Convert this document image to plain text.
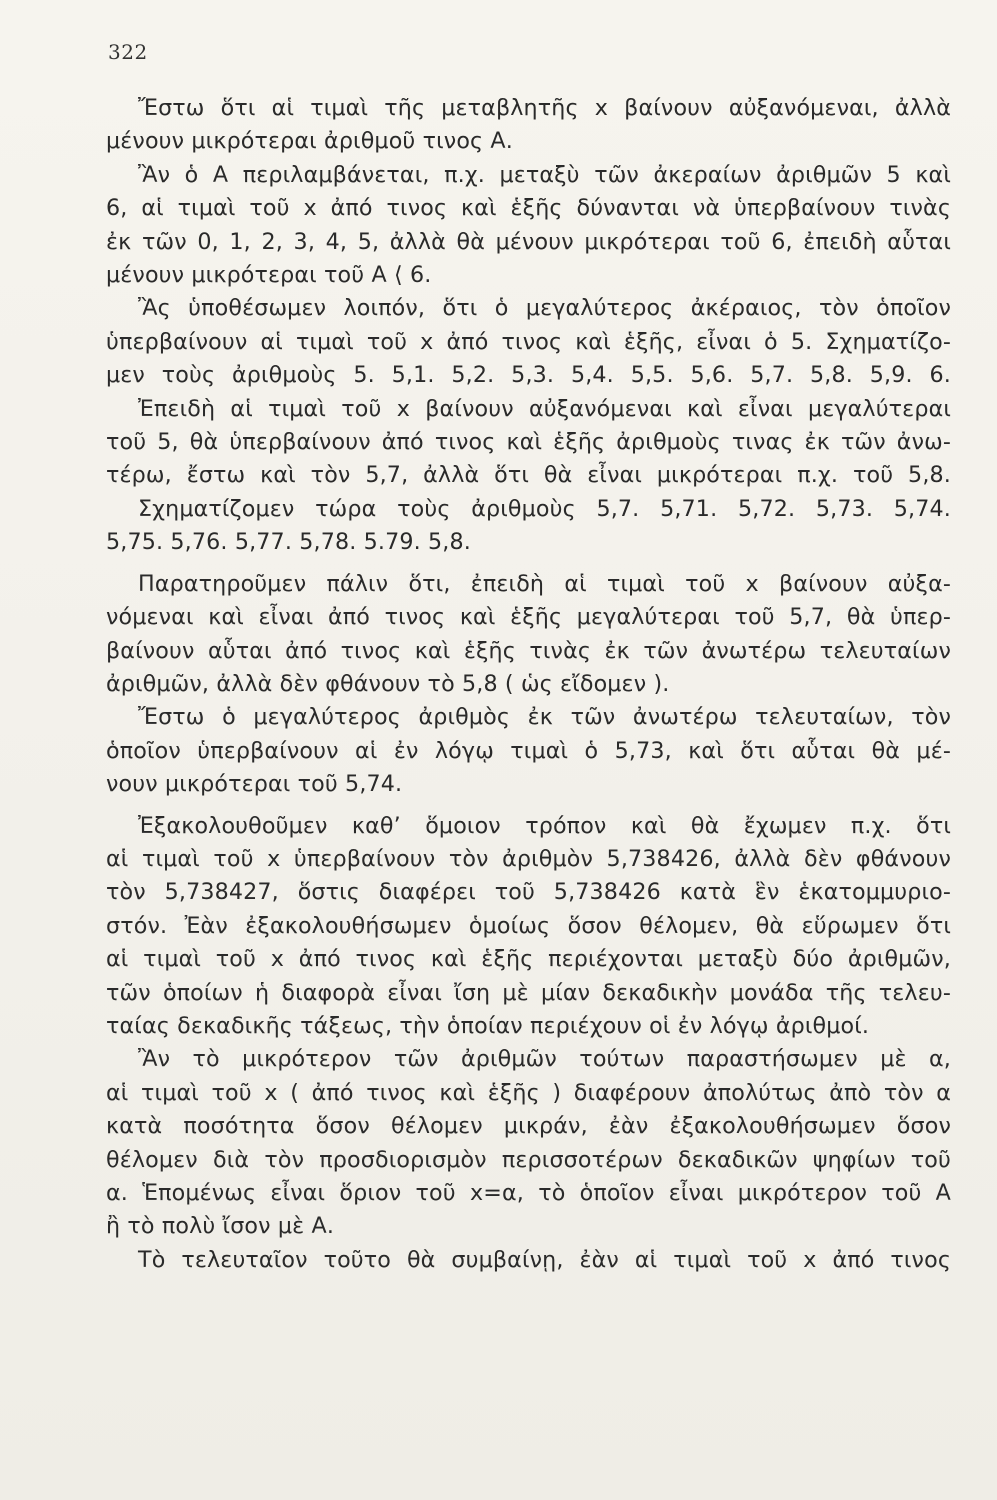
322

Ἔστω ὅτι αἱ τιμαὶ τῆς μεταβλητῆς x βαίνουν αὐξανόμεναι, ἀλλὰ
μένουν μικρότεραι ἀριθμοῦ τινος Α.

Ἂν ὁ Α περιλαμβάνεται, π.χ. μεταξὺ τῶν ἀκεραίων ἀριθμῶν 5 καὶ
6, αἱ τιμαὶ τοῦ x ἀπό τινος καὶ ἑξῆς δύνανται νὰ ὑπερβαίνουν τινὰς
ἐκ τῶν 0, 1, 2, 3, 4, 5, ἀλλὰ θὰ μένουν μικρότεραι τοῦ 6, ἐπειδὴ αὗται
μένουν μικρότεραι τοῦ Α ⟨ 6.

Ἂς ὑποθέσωμεν λοιπόν, ὅτι ὁ μεγαλύτερος ἀκέραιος, τὸν ὁποῖον
ὑπερβαίνουν αἱ τιμαὶ τοῦ x ἀπό τινος καὶ ἑξῆς, εἶναι ὁ 5. Σχηματίζο-
μεν τοὺς ἀριθμοὺς 5. 5,1. 5,2. 5,3. 5,4. 5,5. 5,6. 5,7. 5,8. 5,9. 6.

Ἐπειδὴ αἱ τιμαὶ τοῦ x βαίνουν αὐξανόμεναι καὶ εἶναι μεγαλύτεραι
τοῦ 5, θὰ ὑπερβαίνουν ἀπό τινος καὶ ἑξῆς ἀριθμοὺς τινας ἐκ τῶν ἀνω-
τέρω, ἔστω καὶ τὸν 5,7, ἀλλὰ ὅτι θὰ εἶναι μικρότεραι π.χ. τοῦ 5,8.

Σχηματίζομεν τώρα τοὺς ἀριθμοὺς 5,7. 5,71. 5,72. 5,73. 5,74.
5,75. 5,76. 5,77. 5,78. 5.79. 5,8.

Παρατηροῦμεν πάλιν ὅτι, ἐπειδὴ αἱ τιμαὶ τοῦ x βαίνουν αὐξα-
νόμεναι καὶ εἶναι ἀπό τινος καὶ ἑξῆς μεγαλύτεραι τοῦ 5,7, θὰ ὑπερ-
βαίνουν αὗται ἀπό τινος καὶ ἑξῆς τινὰς ἐκ τῶν ἀνωτέρω τελευταίων
ἀριθμῶν, ἀλλὰ δὲν φθάνουν τὸ 5,8 ( ὡς εἴδομεν ).

Ἔστω ὁ μεγαλύτερος ἀριθμὸς ἐκ τῶν ἀνωτέρω τελευταίων, τὸν
ὁποῖον ὑπερβαίνουν αἱ ἐν λόγῳ τιμαὶ ὁ 5,73, καὶ ὅτι αὗται θὰ μέ-
νουν μικρότεραι τοῦ 5,74.

Ἐξακολουθοῦμεν καθ’ ὅμοιον τρόπον καὶ θὰ ἔχωμεν π.χ. ὅτι
αἱ τιμαὶ τοῦ x ὑπερβαίνουν τὸν ἀριθμὸν 5,738426, ἀλλὰ δὲν φθάνουν
τὸν 5,738427, ὅστις διαφέρει τοῦ 5,738426 κατὰ ἓν ἑκατομμυριο-
στόν. Ἐὰν ἐξακολουθήσωμεν ὁμοίως ὅσον θέλομεν, θὰ εὕρωμεν ὅτι
αἱ τιμαὶ τοῦ x ἀπό τινος καὶ ἑξῆς περιέχονται μεταξὺ δύο ἀριθμῶν,
τῶν ὁποίων ἡ διαφορὰ εἶναι ἴση μὲ μίαν δεκαδικὴν μονάδα τῆς τελευ-
ταίας δεκαδικῆς τάξεως, τὴν ὁποίαν περιέχουν οἱ ἐν λόγῳ ἀριθμοί.

Ἂν τὸ μικρότερον τῶν ἀριθμῶν τούτων παραστήσωμεν μὲ α,
αἱ τιμαὶ τοῦ x ( ἀπό τινος καὶ ἑξῆς ) διαφέρουν ἀπολύτως ἀπὸ τὸν α
κατὰ ποσότητα ὅσον θέλομεν μικράν, ἐὰν ἐξακολουθήσωμεν ὅσον
θέλομεν διὰ τὸν προσδιορισμὸν περισσοτέρων δεκαδικῶν ψηφίων τοῦ
α. Ἑπομένως εἶναι ὅριον τοῦ x=α, τὸ ὁποῖον εἶναι μικρότερον τοῦ Α
ἢ τὸ πολὺ ἴσον μὲ Α.

Τὸ τελευταῖον τοῦτο θὰ συμβαίνῃ, ἐὰν αἱ τιμαὶ τοῦ x ἀπό τινος
